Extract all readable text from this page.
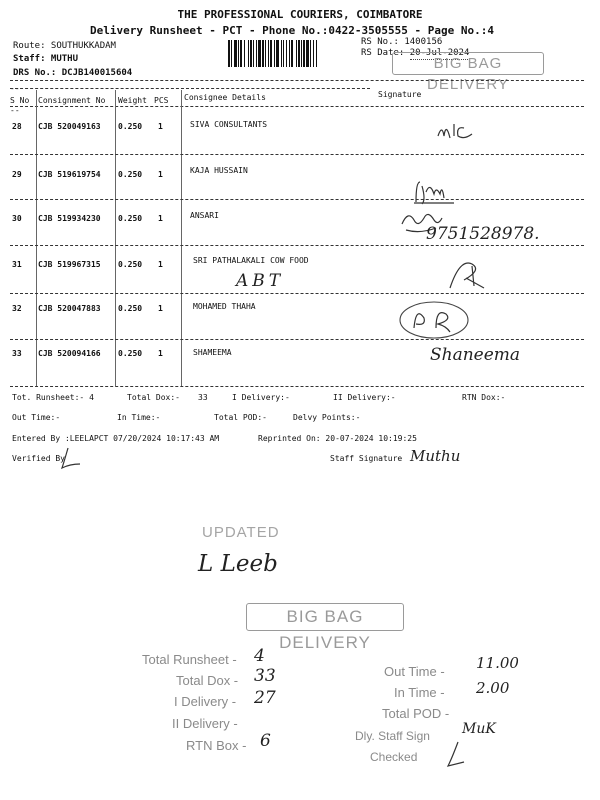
THE PROFESSIONAL COURIERS, COIMBATORE
Delivery Runsheet - PCT - Phone No.:0422-3505555 - Page No.:4
Route: SOUTHUKKADAM
Staff: MUTHU
DRS No.: DCJB140015604
RS No.: 1400156
RS Date: 20-Jul-2024
BIG BAG DELIVERY
--
S No Consignment No Weight PCS Consignee Details	Signature
--
28 CJB 520049163 0.250 1	SIVA CONSULTANTS
29 CJB 519619754 0.250 1	KAJA HUSSAIN
30 CJB 519934230 0.250 1	ANSARI
31 CJB 519967315 0.250 1	SRI PATHALAKALI COW FOOD
32 CJB 520047883 0.250 1	MOHAMED THAHA
33 CJB 520094166 0.250 1	SHAMEEMA
9751528978.
ABT
Shaneema
Tot. Runsheet:- 4	Total Dox:- 33	I Delivery:-	II Delivery:-	RTN Dox:-
Out Time:-	In Time:-	Total POD:-	Delvy Points:-
Entered By :LEELAPCT 07/20/2024 10:17:43 AM	Reprinted On: 20-07-2024 10:19:25
Verified By	Staff Signature Muthu
UPDATED
L Leeb
BIG BAG DELIVERY
Total Runsheet - 4
Total Dox - 33
I Delivery - 27
II Delivery -
RTN Box - 6
Out Time - 11.00
In Time - 2.00
Total POD -
Dly. Staff Sign MuK
Checked
